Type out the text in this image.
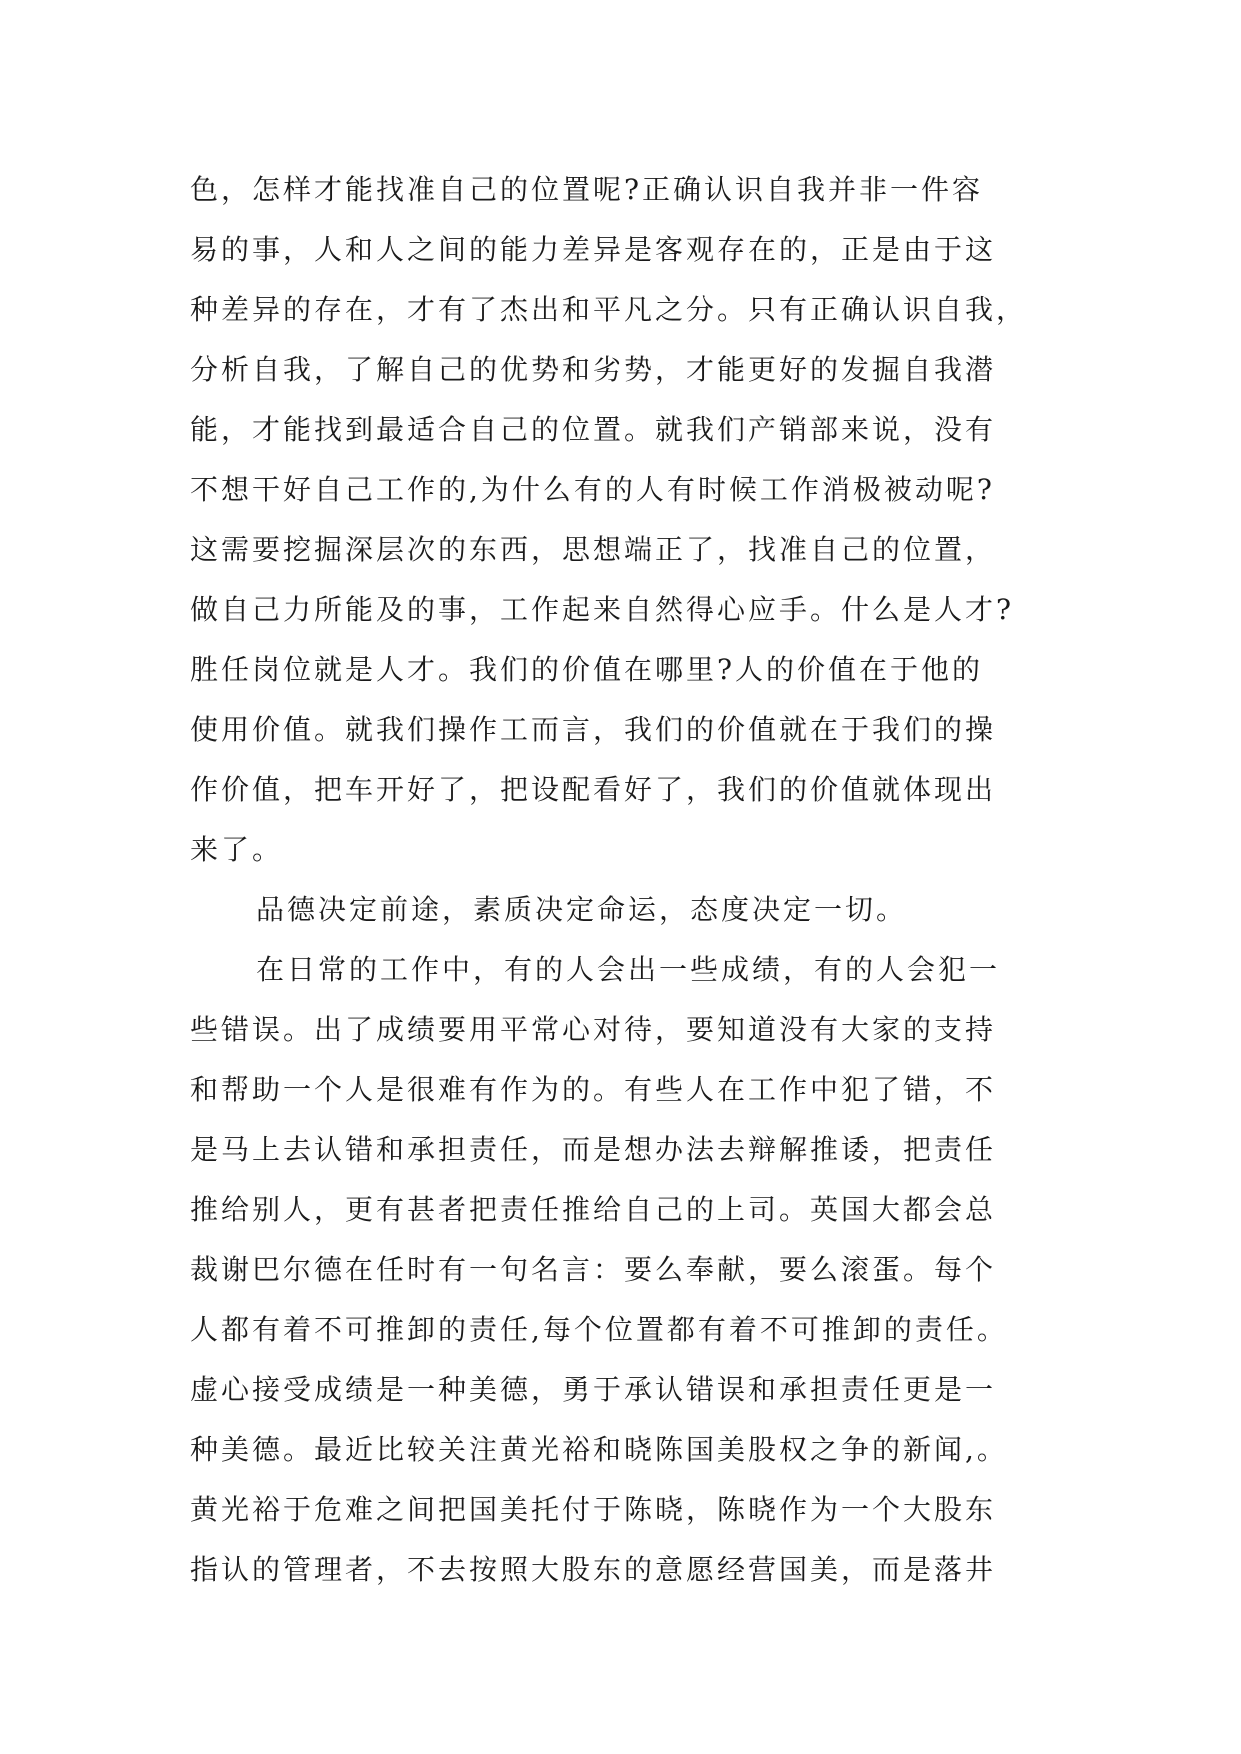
色，怎样才能找准自己的位置呢?正确认识自我并非一件容
易的事，人和人之间的能力差异是客观存在的，正是由于这
种差异的存在，才有了杰出和平凡之分。只有正确认识自我，
分析自我，了解自己的优势和劣势，才能更好的发掘自我潜
能，才能找到最适合自己的位置。就我们产销部来说，没有
不想干好自己工作的,为什么有的人有时候工作消极被动呢?
这需要挖掘深层次的东西，思想端正了，找准自己的位置，
做自己力所能及的事，工作起来自然得心应手。什么是人才?
胜任岗位就是人才。我们的价值在哪里?人的价值在于他的
使用价值。就我们操作工而言，我们的价值就在于我们的操
作价值，把车开好了，把设配看好了，我们的价值就体现出
来了。
品德决定前途，素质决定命运，态度决定一切。
在日常的工作中，有的人会出一些成绩，有的人会犯一
些错误。出了成绩要用平常心对待，要知道没有大家的支持
和帮助一个人是很难有作为的。有些人在工作中犯了错，不
是马上去认错和承担责任，而是想办法去辩解推诿，把责任
推给别人，更有甚者把责任推给自己的上司。英国大都会总
裁谢巴尔德在任时有一句名言：要么奉献，要么滚蛋。每个
人都有着不可推卸的责任,每个位置都有着不可推卸的责任。
虚心接受成绩是一种美德，勇于承认错误和承担责任更是一
种美德。最近比较关注黄光裕和晓陈国美股权之争的新闻,。
黄光裕于危难之间把国美托付于陈晓，陈晓作为一个大股东
指认的管理者，不去按照大股东的意愿经营国美，而是落井
